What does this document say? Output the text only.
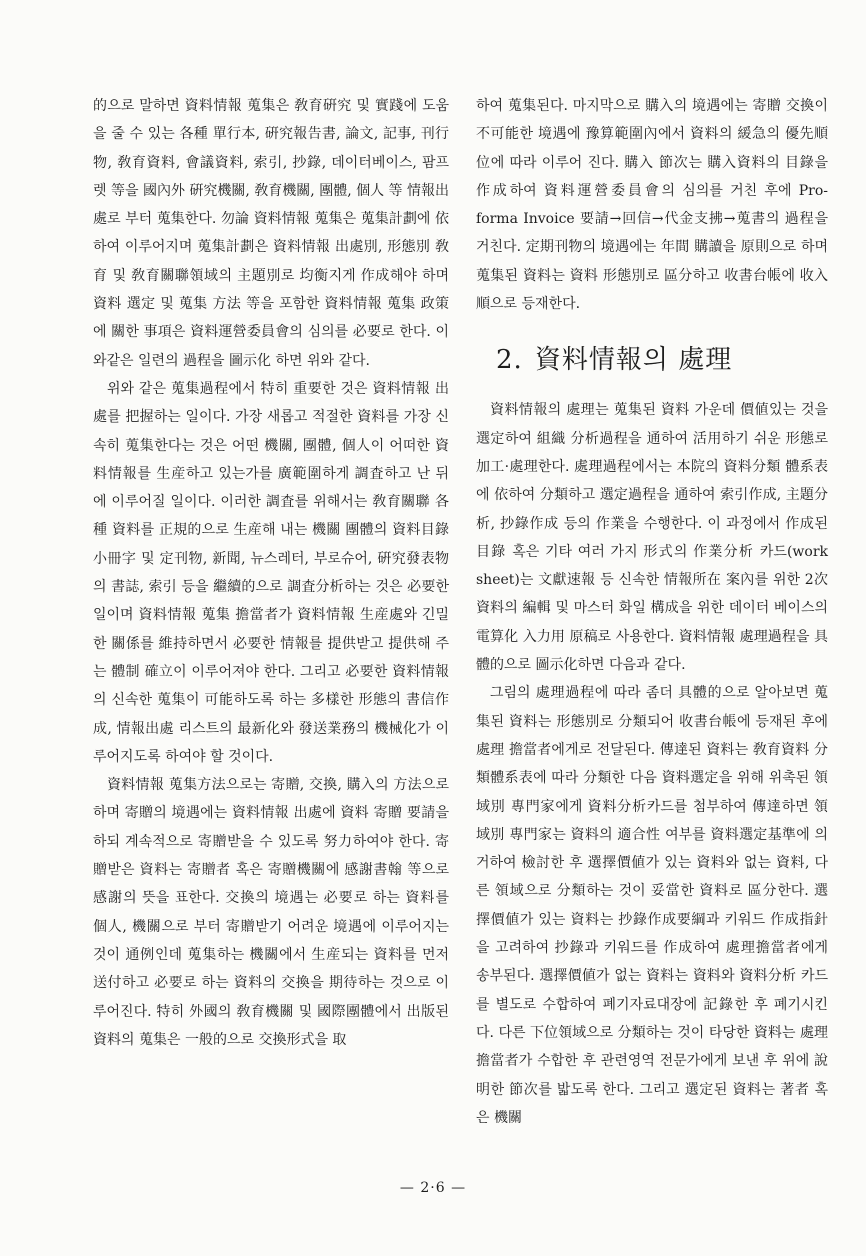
的으로 말하면 資料情報 蒐集은 敎育硏究 및 實踐에 도움을 줄 수 있는 各種 單行本, 硏究報告書, 論文, 記事, 刊行物, 敎育資料, 會議資料, 索引, 抄錄, 데이터베이스, 팜프렛 等을 國內外 硏究機關, 敎育機關, 團體, 個人 等 情報出處로 부터 蒐集한다. 勿論 資料情報 蒐集은 蒐集計劃에 依하여 이루어지며 蒐集計劃은 資料情報 出處別, 形態別 敎育 및 敎育關聯領域의 主題別로 均衡지게 作成해야 하며 資料 選定 및 蒐集 方法 等을 포함한 資料情報 蒐集 政策에 關한 事項은 資料運營委員會의 심의를 必要로 한다. 이와같은 일련의 過程을 圖示化 하면 위와 같다.

위와 같은 蒐集過程에서 特히 重要한 것은 資料情報 出處를 把握하는 일이다. 가장 새롭고 적절한 資料를 가장 신속히 蒐集한다는 것은 어떤 機關, 團體, 個人이 어떠한 資料情報를 生産하고 있는가를 廣範圍하게 調査하고 난 뒤에 이루어질 일이다. 이러한 調査를 위해서는 敎育關聯 各種 資料를 正規的으로 生産해 내는 機關 團體의 資料目錄 小冊字 및 定刊物, 新聞, 뉴스레터, 부로슈어, 硏究發表物의 書誌, 索引 등을 繼續的으로 調査分析하는 것은 必要한 일이며 資料情報 蒐集 擔當者가 資料情報 生産處와 긴밀한 關係를 維持하면서 必要한 情報를 提供받고 提供해 주는 體制 確立이 이루어져야 한다. 그리고 必要한 資料情報의 신속한 蒐集이 可能하도록 하는 多樣한 形態의 書信作成, 情報出處 리스트의 最新化와 發送業務의 機械化가 이루어지도록 하여야 할 것이다.

資料情報 蒐集方法으로는 寄贈, 交換, 購入의 方法으로 하며 寄贈의 境遇에는 資料情報 出處에 資料 寄贈 要請을 하되 계속적으로 寄贈받을 수 있도록 努力하여야 한다. 寄贈받은 資料는 寄贈者 혹은 寄贈機關에 感謝書翰 等으로 感謝의 뜻을 표한다. 交換의 境遇는 必要로 하는 資料를 個人, 機關으로 부터 寄贈받기 어려운 境遇에 이루어지는 것이 通例인데 蒐集하는 機關에서 生産되는 資料를 먼저 送付하고 必要로 하는 資料의 交換을 期待하는 것으로 이루어진다. 特히 外國의 敎育機關 및 國際團體에서 出版된 資料의 蒐集은 一般的으로 交換形式을 取

하여 蒐集된다. 마지막으로 購入의 境遇에는 寄贈 交換이 不可能한 境遇에 豫算範圍內에서 資料의 緩急의 優先順位에 따라 이루어 진다. 購入 節次는 購入資料의 目錄을 作成하여 資料運營委員會의 심의를 거친 후에 Pro-forma Invoice 要請→回信→代金支拂→蒐書의 過程을 거친다. 定期刊物의 境遇에는 年間 購讀을 原則으로 하며 蒐集된 資料는 資料 形態別로 區分하고 收書台帳에 收入順으로 등재한다.

2. 資料情報의 處理

資料情報의 處理는 蒐集된 資料 가운데 價値있는 것을 選定하여 組織 分析過程을 通하여 活用하기 쉬운 形態로 加工·處理한다. 處理過程에서는 本院의 資料分類 體系表에 依하여 分類하고 選定過程을 通하여 索引作成, 主題分析, 抄錄作成 등의 作業을 수행한다. 이 과정에서 作成된 目錄 혹은 기타 여러 가지 形式의 作業分析 카드(work sheet)는 文獻速報 등 신속한 情報所在 案內를 위한 2次 資料의 編輯 및 마스터 화일 構成을 위한 데이터 베이스의 電算化 入力用 原稿로 사용한다. 資料情報 處理過程을 具體的으로 圖示化하면 다음과 같다.

그림의 處理過程에 따라 좀더 具體的으로 알아보면 蒐集된 資料는 形態別로 分類되어 收書台帳에 등재된 후에 處理 擔當者에게로 전달된다. 傳達된 資料는 敎育資料 分類體系表에 따라 分類한 다음 資料選定을 위해 위촉된 領域別 專門家에게 資料分析카드를 첨부하여 傳達하면 領域別 專門家는 資料의 適合性 여부를 資料選定基準에 의거하여 檢討한 후 選擇價値가 있는 資料와 없는 資料, 다른 領域으로 分類하는 것이 妥當한 資料로 區分한다. 選擇價値가 있는 資料는 抄錄作成要綱과 키워드 作成指針을 고려하여 抄錄과 키워드를 作成하여 處理擔當者에게 송부된다. 選擇價値가 없는 資料는 資料와 資料分析 카드를 별도로 수합하여 폐기자료대장에 記錄한 후 폐기시킨다. 다른 下位領域으로 分類하는 것이 타당한 資料는 處理擔當者가 수합한 후 관련영역 전문가에게 보낸 후 위에 說明한 節次를 밟도록 한다. 그리고 選定된 資料는 著者 혹은 機關

— 2·6 —
